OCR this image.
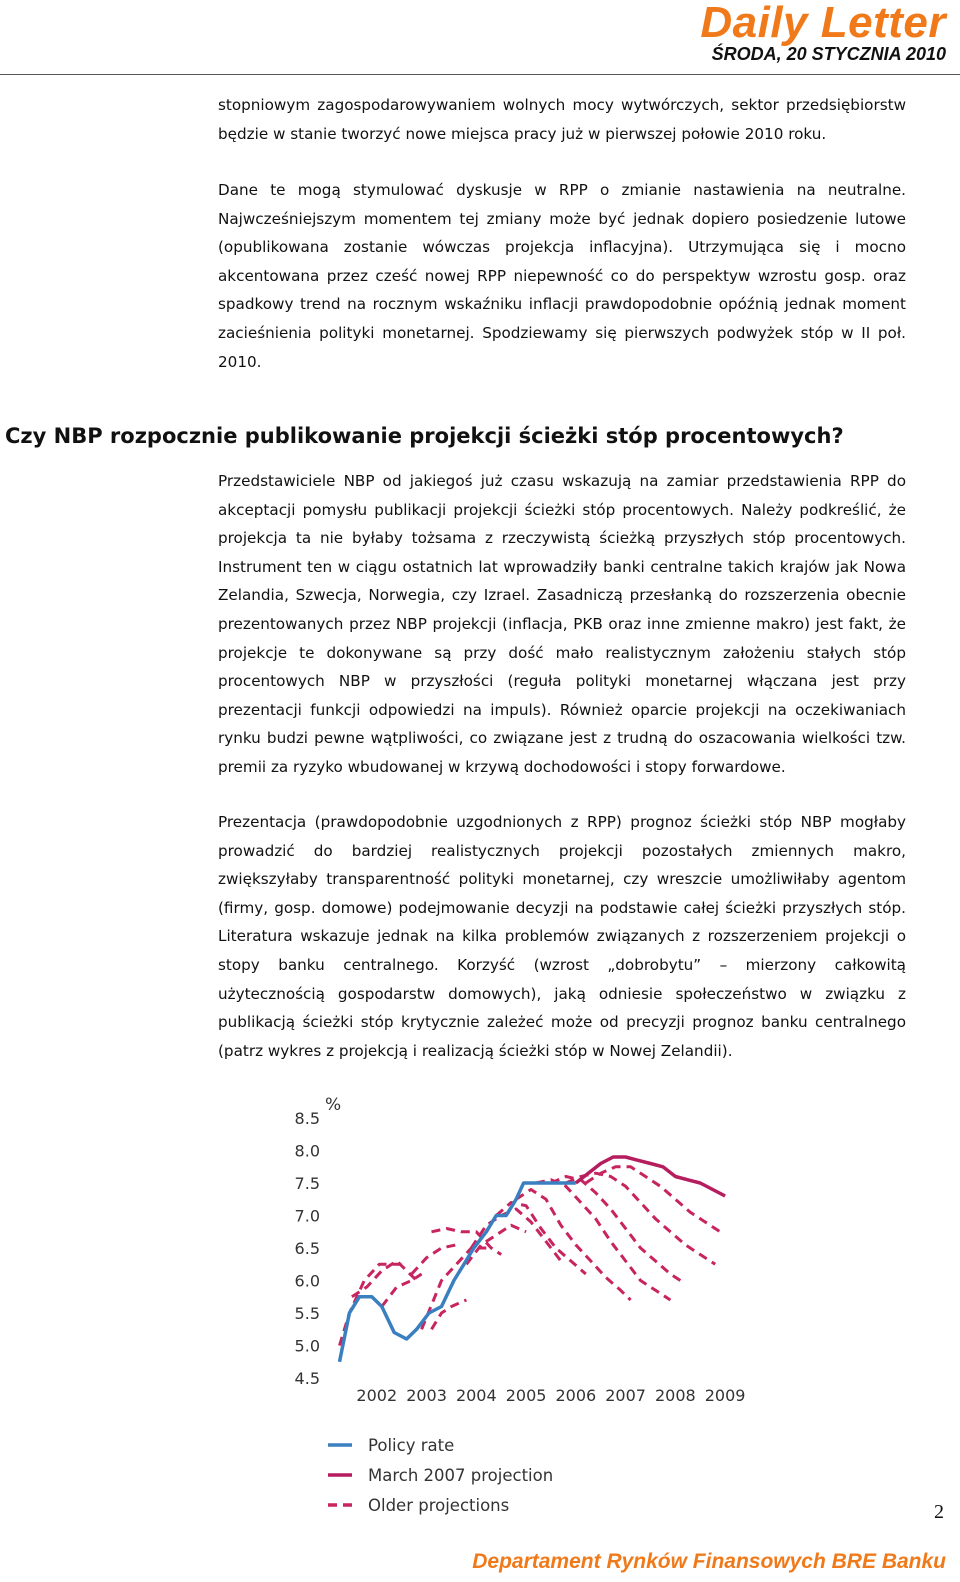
Daily Letter
ŚRODA, 20 STYCZNIA 2010

stopniowym zagospodarowywaniem wolnych mocy wytwórczych, sektor przedsiębiorstw będzie w stanie tworzyć nowe miejsca pracy już w pierwszej połowie 2010 roku.

Dane te mogą stymulować dyskusje w RPP o zmianie nastawienia na neutralne. Najwcześniejszym momentem tej zmiany może być jednak dopiero posiedzenie lutowe (opublikowana zostanie wówczas projekcja inflacyjna). Utrzymująca się i mocno akcentowana przez cześć nowej RPP niepewność co do perspektyw wzrostu gosp. oraz spadkowy trend na rocznym wskaźniku inflacji prawdopodobnie opóźnią jednak moment zacieśnienia polityki monetarnej. Spodziewamy się pierwszych podwyżek stóp w II poł. 2010.

Czy NBP rozpocznie publikowanie projekcji ścieżki stóp procentowych?

Przedstawiciele NBP od jakiegoś już czasu wskazują na zamiar przedstawienia RPP do akceptacji pomysłu publikacji projekcji ścieżki stóp procentowych. Należy podkreślić, że projekcja ta nie byłaby tożsama z rzeczywistą ścieżką przyszłych stóp procentowych. Instrument ten w ciągu ostatnich lat wprowadziły banki centralne takich krajów jak Nowa Zelandia, Szwecja, Norwegia, czy Izrael. Zasadniczą przesłanką do rozszerzenia obecnie prezentowanych przez NBP projekcji (inflacja, PKB oraz inne zmienne makro) jest fakt, że projekcje te dokonywane są przy dość mało realistycznym założeniu stałych stóp procentowych NBP w przyszłości (reguła polityki monetarnej włączana jest przy prezentacji funkcji odpowiedzi na impuls). Również oparcie projekcji na oczekiwaniach rynku budzi pewne wątpliwości, co związane jest z trudną do oszacowania wielkości tzw. premii za ryzyko wbudowanej w krzywą dochodowości i stopy forwardowe.

Prezentacja (prawdopodobnie uzgodnionych z RPP) prognoz ścieżki stóp NBP mogłaby prowadzić do bardziej realistycznych projekcji pozostałych zmiennych makro, zwiększyłaby transparentność polityki monetarnej, czy wreszcie umożliwiłaby agentom (firmy, gosp. domowe) podejmowanie decyzji na podstawie całej ścieżki przyszłych stóp. Literatura wskazuje jednak na kilka problemów związanych z rozszerzeniem projekcji o stopy banku centralnego. Korzyść (wzrost „dobrobytu” – mierzony całkowitą użytecznością gospodarstw domowych), jaką odniesie społeczeństwo w związku z publikacją ścieżki stóp krytycznie zależeć może od precyzji prognoz banku centralnego (patrz wykres z projekcją i realizacją ścieżki stóp w Nowej Zelandii).

4.5
5.0
5.5
6.0
6.5
7.0
7.5
8.0
8.5
2002 2003 2004 2005 2006 2007 2008 2009
%
Policy rate
March 2007 projection
Older projections	2
Departament Rynków Finansowych BRE Banku
